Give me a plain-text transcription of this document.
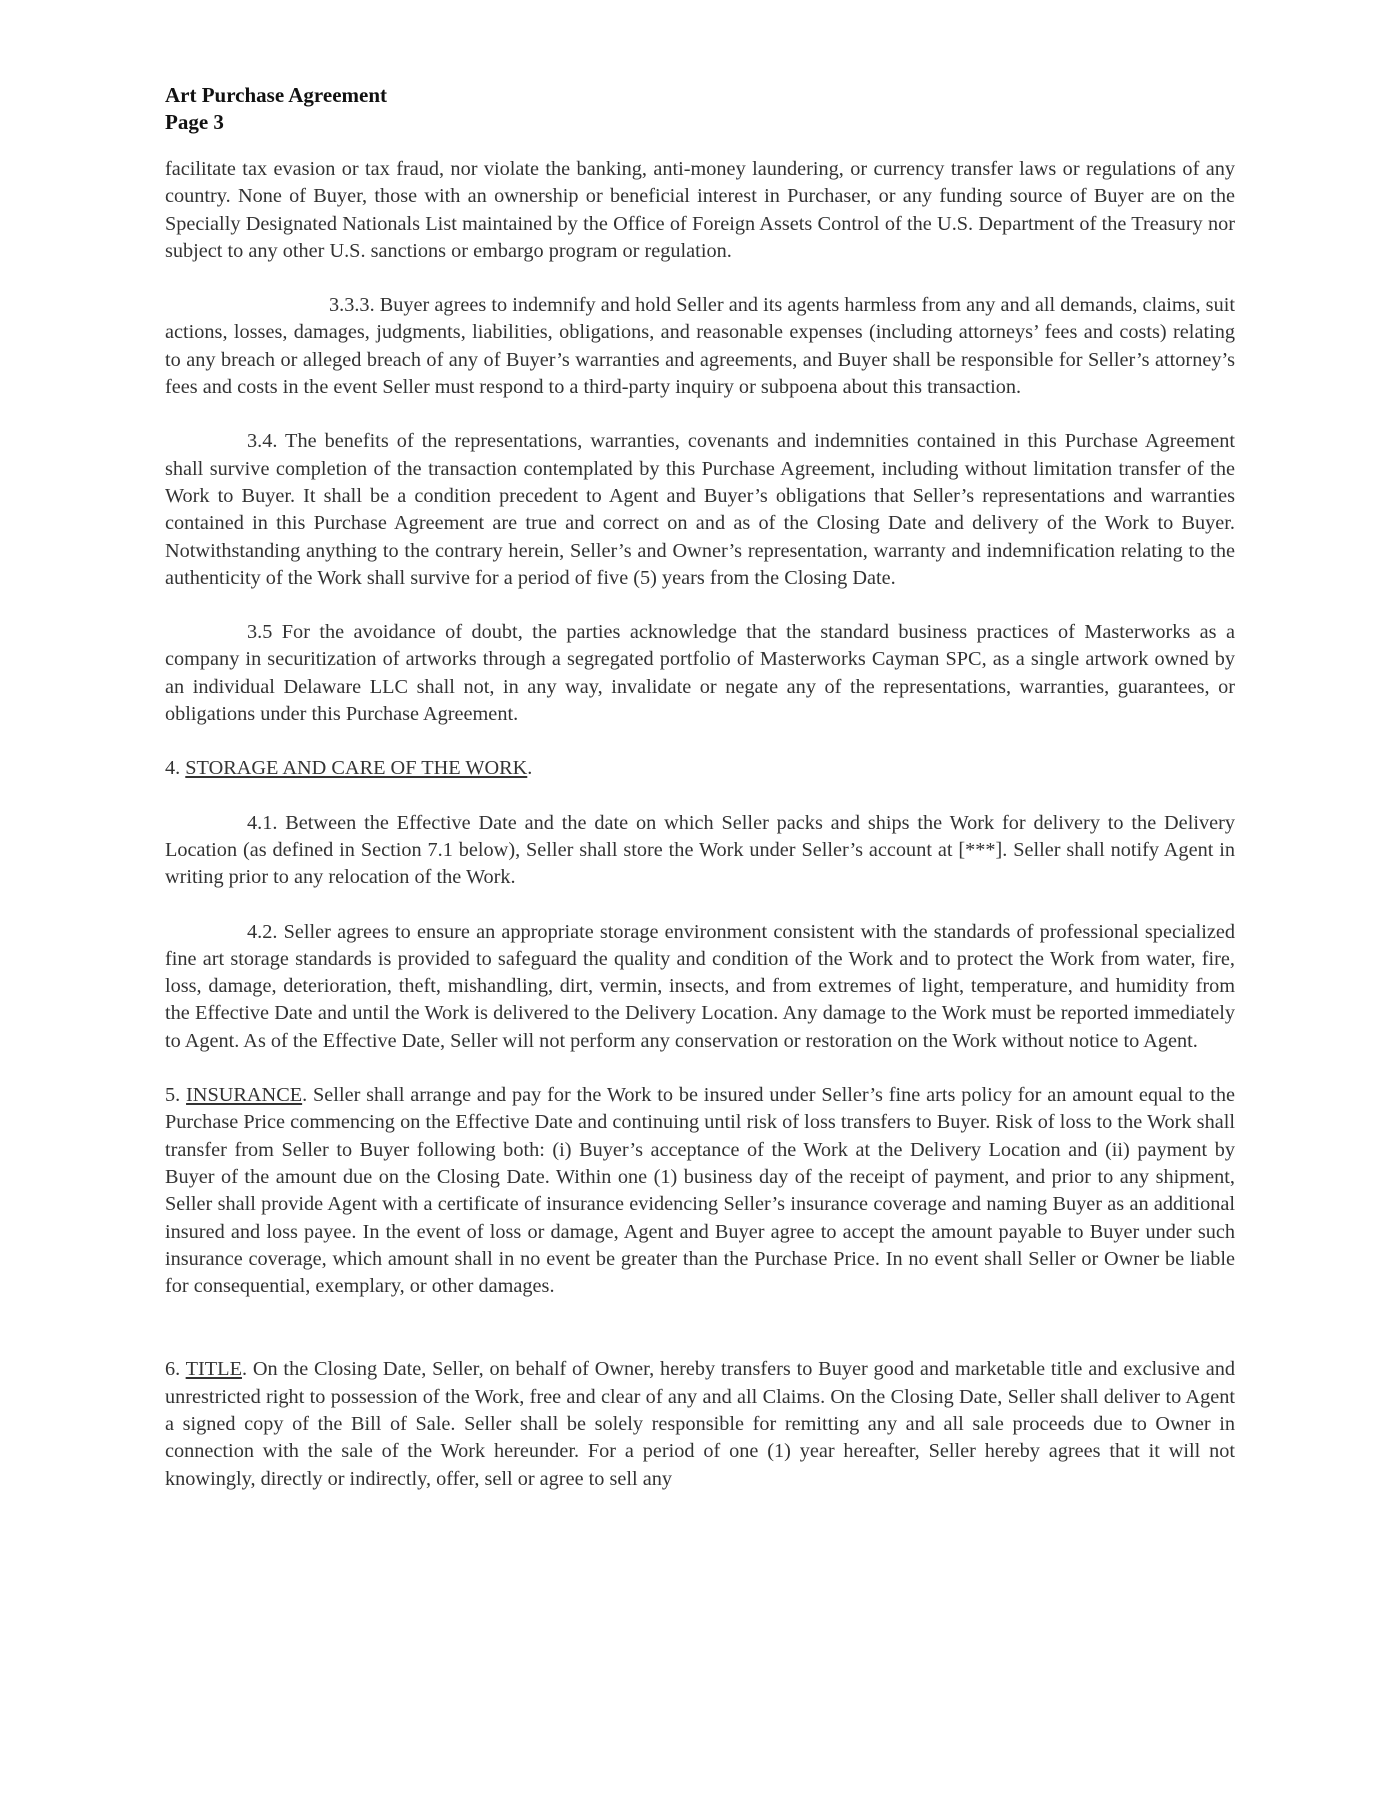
Art Purchase Agreement
Page 3

facilitate tax evasion or tax fraud, nor violate the banking, anti-money laundering, or currency transfer laws or regulations of any country. None of Buyer, those with an ownership or beneficial interest in Purchaser, or any funding source of Buyer are on the Specially Designated Nationals List maintained by the Office of Foreign Assets Control of the U.S. Department of the Treasury nor subject to any other U.S. sanctions or embargo program or regulation.

3.3.3. Buyer agrees to indemnify and hold Seller and its agents harmless from any and all demands, claims, suit actions, losses, damages, judgments, liabilities, obligations, and reasonable expenses (including attorneys’ fees and costs) relating to any breach or alleged breach of any of Buyer’s warranties and agreements, and Buyer shall be responsible for Seller’s attorney’s fees and costs in the event Seller must respond to a third-party inquiry or subpoena about this transaction.

3.4. The benefits of the representations, warranties, covenants and indemnities contained in this Purchase Agreement shall survive completion of the transaction contemplated by this Purchase Agreement, including without limitation transfer of the Work to Buyer. It shall be a condition precedent to Agent and Buyer’s obligations that Seller’s representations and warranties contained in this Purchase Agreement are true and correct on and as of the Closing Date and delivery of the Work to Buyer. Notwithstanding anything to the contrary herein, Seller’s and Owner’s representation, warranty and indemnification relating to the authenticity of the Work shall survive for a period of five (5) years from the Closing Date.

3.5 For the avoidance of doubt, the parties acknowledge that the standard business practices of Masterworks as a company in securitization of artworks through a segregated portfolio of Masterworks Cayman SPC, as a single artwork owned by an individual Delaware LLC shall not, in any way, invalidate or negate any of the representations, warranties, guarantees, or obligations under this Purchase Agreement.

4. STORAGE AND CARE OF THE WORK.

4.1. Between the Effective Date and the date on which Seller packs and ships the Work for delivery to the Delivery Location (as defined in Section 7.1 below), Seller shall store the Work under Seller’s account at [***]. Seller shall notify Agent in writing prior to any relocation of the Work.

4.2. Seller agrees to ensure an appropriate storage environment consistent with the standards of professional specialized fine art storage standards is provided to safeguard the quality and condition of the Work and to protect the Work from water, fire, loss, damage, deterioration, theft, mishandling, dirt, vermin, insects, and from extremes of light, temperature, and humidity from the Effective Date and until the Work is delivered to the Delivery Location. Any damage to the Work must be reported immediately to Agent. As of the Effective Date, Seller will not perform any conservation or restoration on the Work without notice to Agent.

5. INSURANCE. Seller shall arrange and pay for the Work to be insured under Seller’s fine arts policy for an amount equal to the Purchase Price commencing on the Effective Date and continuing until risk of loss transfers to Buyer. Risk of loss to the Work shall transfer from Seller to Buyer following both: (i) Buyer’s acceptance of the Work at the Delivery Location and (ii) payment by Buyer of the amount due on the Closing Date. Within one (1) business day of the receipt of payment, and prior to any shipment, Seller shall provide Agent with a certificate of insurance evidencing Seller’s insurance coverage and naming Buyer as an additional insured and loss payee. In the event of loss or damage, Agent and Buyer agree to accept the amount payable to Buyer under such insurance coverage, which amount shall in no event be greater than the Purchase Price. In no event shall Seller or Owner be liable for consequential, exemplary, or other damages.

6. TITLE. On the Closing Date, Seller, on behalf of Owner, hereby transfers to Buyer good and marketable title and exclusive and unrestricted right to possession of the Work, free and clear of any and all Claims. On the Closing Date, Seller shall deliver to Agent a signed copy of the Bill of Sale. Seller shall be solely responsible for remitting any and all sale proceeds due to Owner in connection with the sale of the Work hereunder. For a period of one (1) year hereafter, Seller hereby agrees that it will not knowingly, directly or indirectly, offer, sell or agree to sell any
